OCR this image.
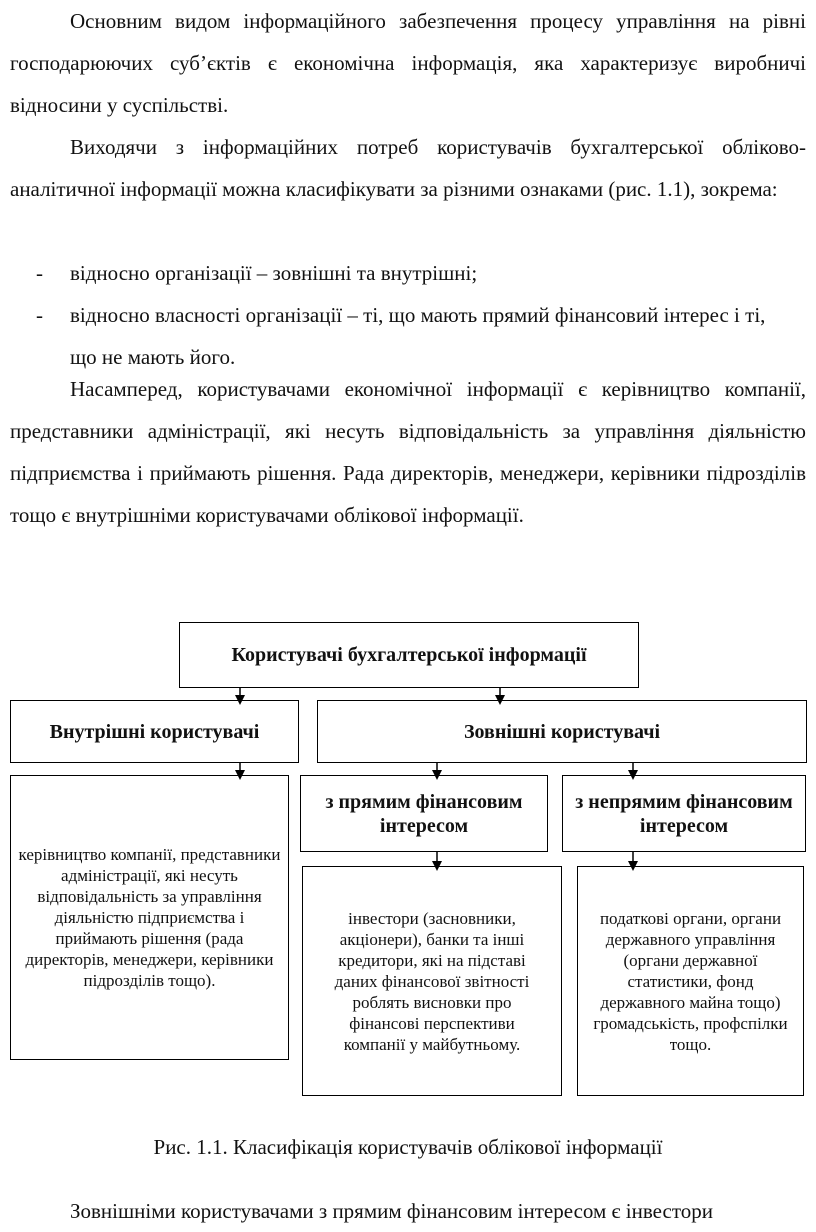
Основним видом інформаційного забезпечення процесу управління на рівні господарюючих суб’єктів є економічна інформація, яка характеризує виробничі відносини у суспільстві.
Виходячи з інформаційних потреб користувачів бухгалтерської обліково-аналітичної інформації можна класифікувати за різними ознаками (рис. 1.1), зокрема:
- відносно організації – зовнішні та внутрішні;
- відносно власності організації – ті, що мають прямий фінансовий інтерес і ті, що не мають його.
Насамперед, користувачами економічної інформації є керівництво компанії, представники адміністрації, які несуть відповідальність за управління діяльністю підприємства і приймають рішення. Рада директорів, менеджери, керівники підрозділів тощо є внутрішніми користувачами облікової інформації.
Користувачі бухгалтерської інформації
Внутрішні користувачі	Зовнішні користувачі
керівництво компанії, представники адміністрації, які несуть відповідальність за управління діяльністю підприємства і приймають рішення (рада директорів, менеджери, керівники підрозділів тощо).
з прямим фінансовим інтересом
з непрямим фінансовим інтересом
інвестори (засновники, акціонери), банки та інші кредитори, які на підставі даних фінансової звітності роблять висновки про фінансові перспективи компанії у майбутньому.
податкові органи, органи державного управління (органи державної статистики, фонд державного майна тощо) громадськість, профспілки тощо.
Рис. 1.1. Класифікація користувачів облікової інформації
Зовнішніми користувачами з прямим фінансовим інтересом є інвестори
